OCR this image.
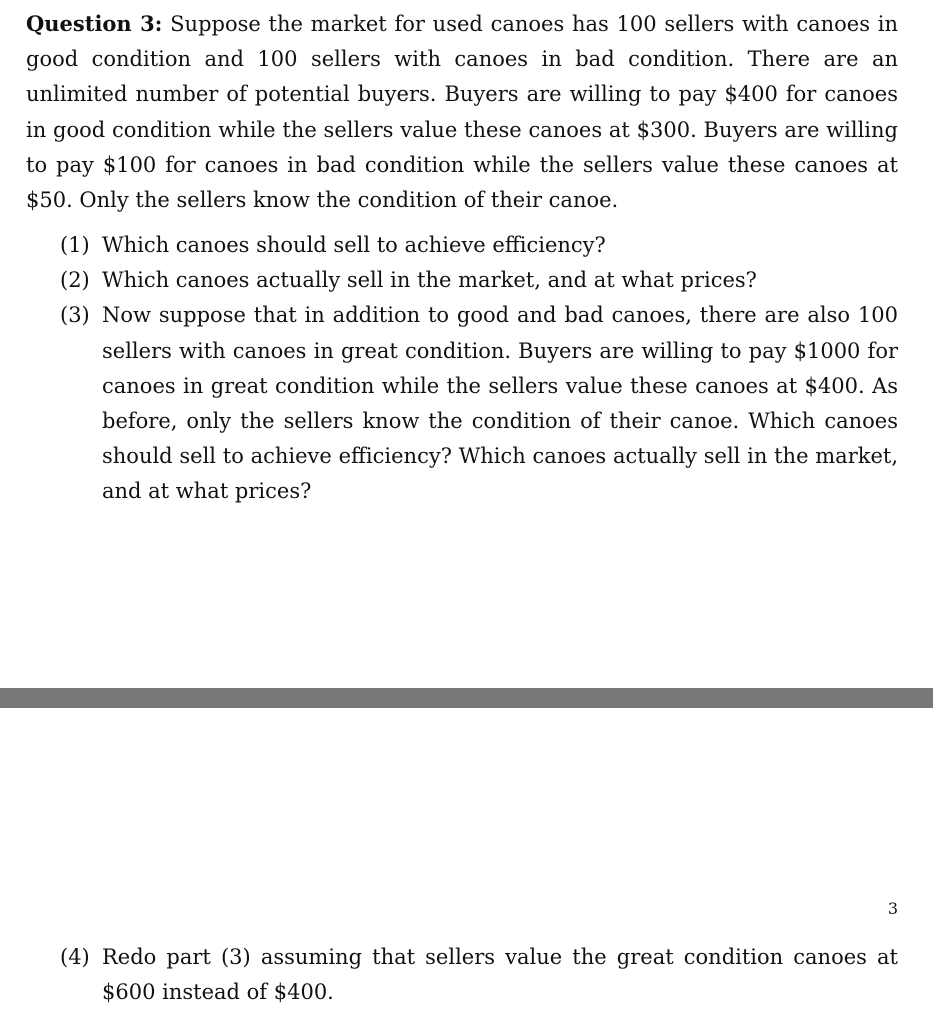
Question 3: Suppose the market for used canoes has 100 sellers with canoes in good condition and 100 sellers with canoes in bad condition. There are an unlimited number of potential buyers. Buyers are willing to pay $400 for canoes in good condition while the sellers value these canoes at $300. Buyers are willing to pay $100 for canoes in bad condition while the sellers value these canoes at $50. Only the sellers know the condition of their canoe.

(1) Which canoes should sell to achieve efficiency?
(2) Which canoes actually sell in the market, and at what prices?
(3) Now suppose that in addition to good and bad canoes, there are also 100 sellers with canoes in great condition. Buyers are willing to pay $1000 for canoes in great condition while the sellers value these canoes at $400. As before, only the sellers know the condition of their canoe. Which canoes should sell to achieve efficiency? Which canoes actually sell in the market, and at what prices?
3
(4) Redo part (3) assuming that sellers value the great condition canoes at $600 instead of $400.
